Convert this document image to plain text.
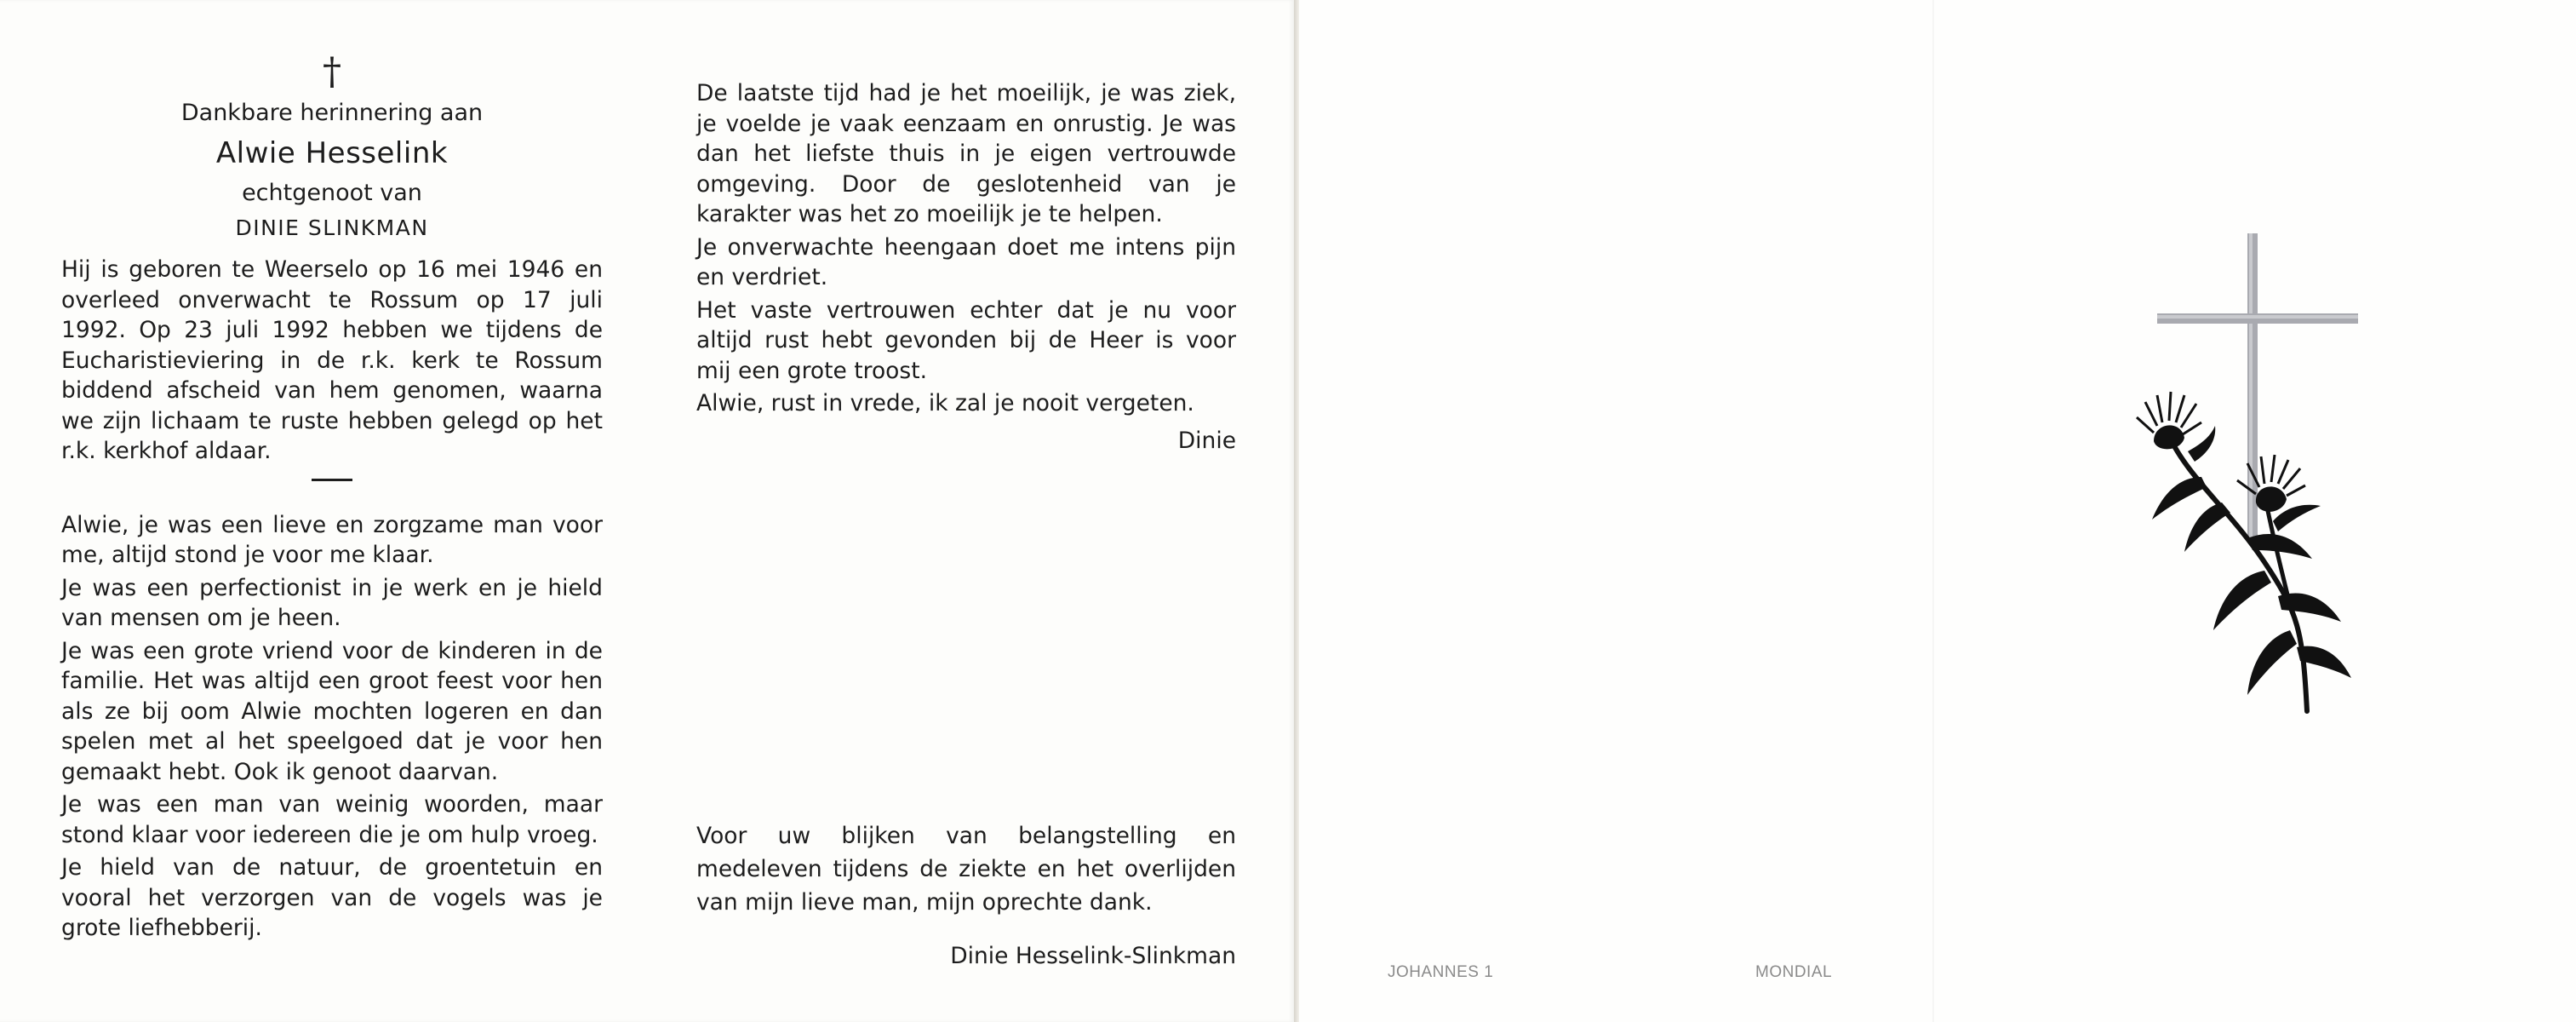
†

Dankbare herinnering aan

Alwie Hesselink

echtgenoot van

DINIE SLINKMAN

Hij is geboren te Weerselo op 16 mei 1946 en overleed onverwacht te Rossum op 17 juli 1992. Op 23 juli 1992 hebben we tijdens de Eucharistieviering in de r.k. kerk te Rossum biddend afscheid van hem genomen, waarna we zijn lichaam te ruste hebben gelegd op het r.k. kerkhof aldaar.

Alwie, je was een lieve en zorgzame man voor me, altijd stond je voor me klaar.

Je was een perfectionist in je werk en je hield van mensen om je heen.

Je was een grote vriend voor de kinderen in de familie. Het was altijd een groot feest voor hen als ze bij oom Alwie mochten logeren en dan spelen met al het speelgoed dat je voor hen gemaakt hebt. Ook ik genoot daarvan.

Je was een man van weinig woorden, maar stond klaar voor iedereen die je om hulp vroeg.

Je hield van de natuur, de groentetuin en vooral het verzorgen van de vogels was je grote liefhebberij.

De laatste tijd had je het moeilijk, je was ziek, je voelde je vaak eenzaam en onrustig. Je was dan het liefste thuis in je eigen vertrouwde omgeving. Door de geslotenheid van je karakter was het zo moeilijk je te helpen.

Je onverwachte heengaan doet me intens pijn en verdriet.

Het vaste vertrouwen echter dat je nu voor altijd rust hebt gevonden bij de Heer is voor mij een grote troost.

Alwie, rust in vrede, ik zal je nooit vergeten.

Dinie

Voor uw blijken van belangstelling en medeleven tijdens de ziekte en het overlijden van mijn lieve man, mijn oprechte dank.

Dinie Hesselink-Slinkman

JOHANNES 1	MONDIAL
